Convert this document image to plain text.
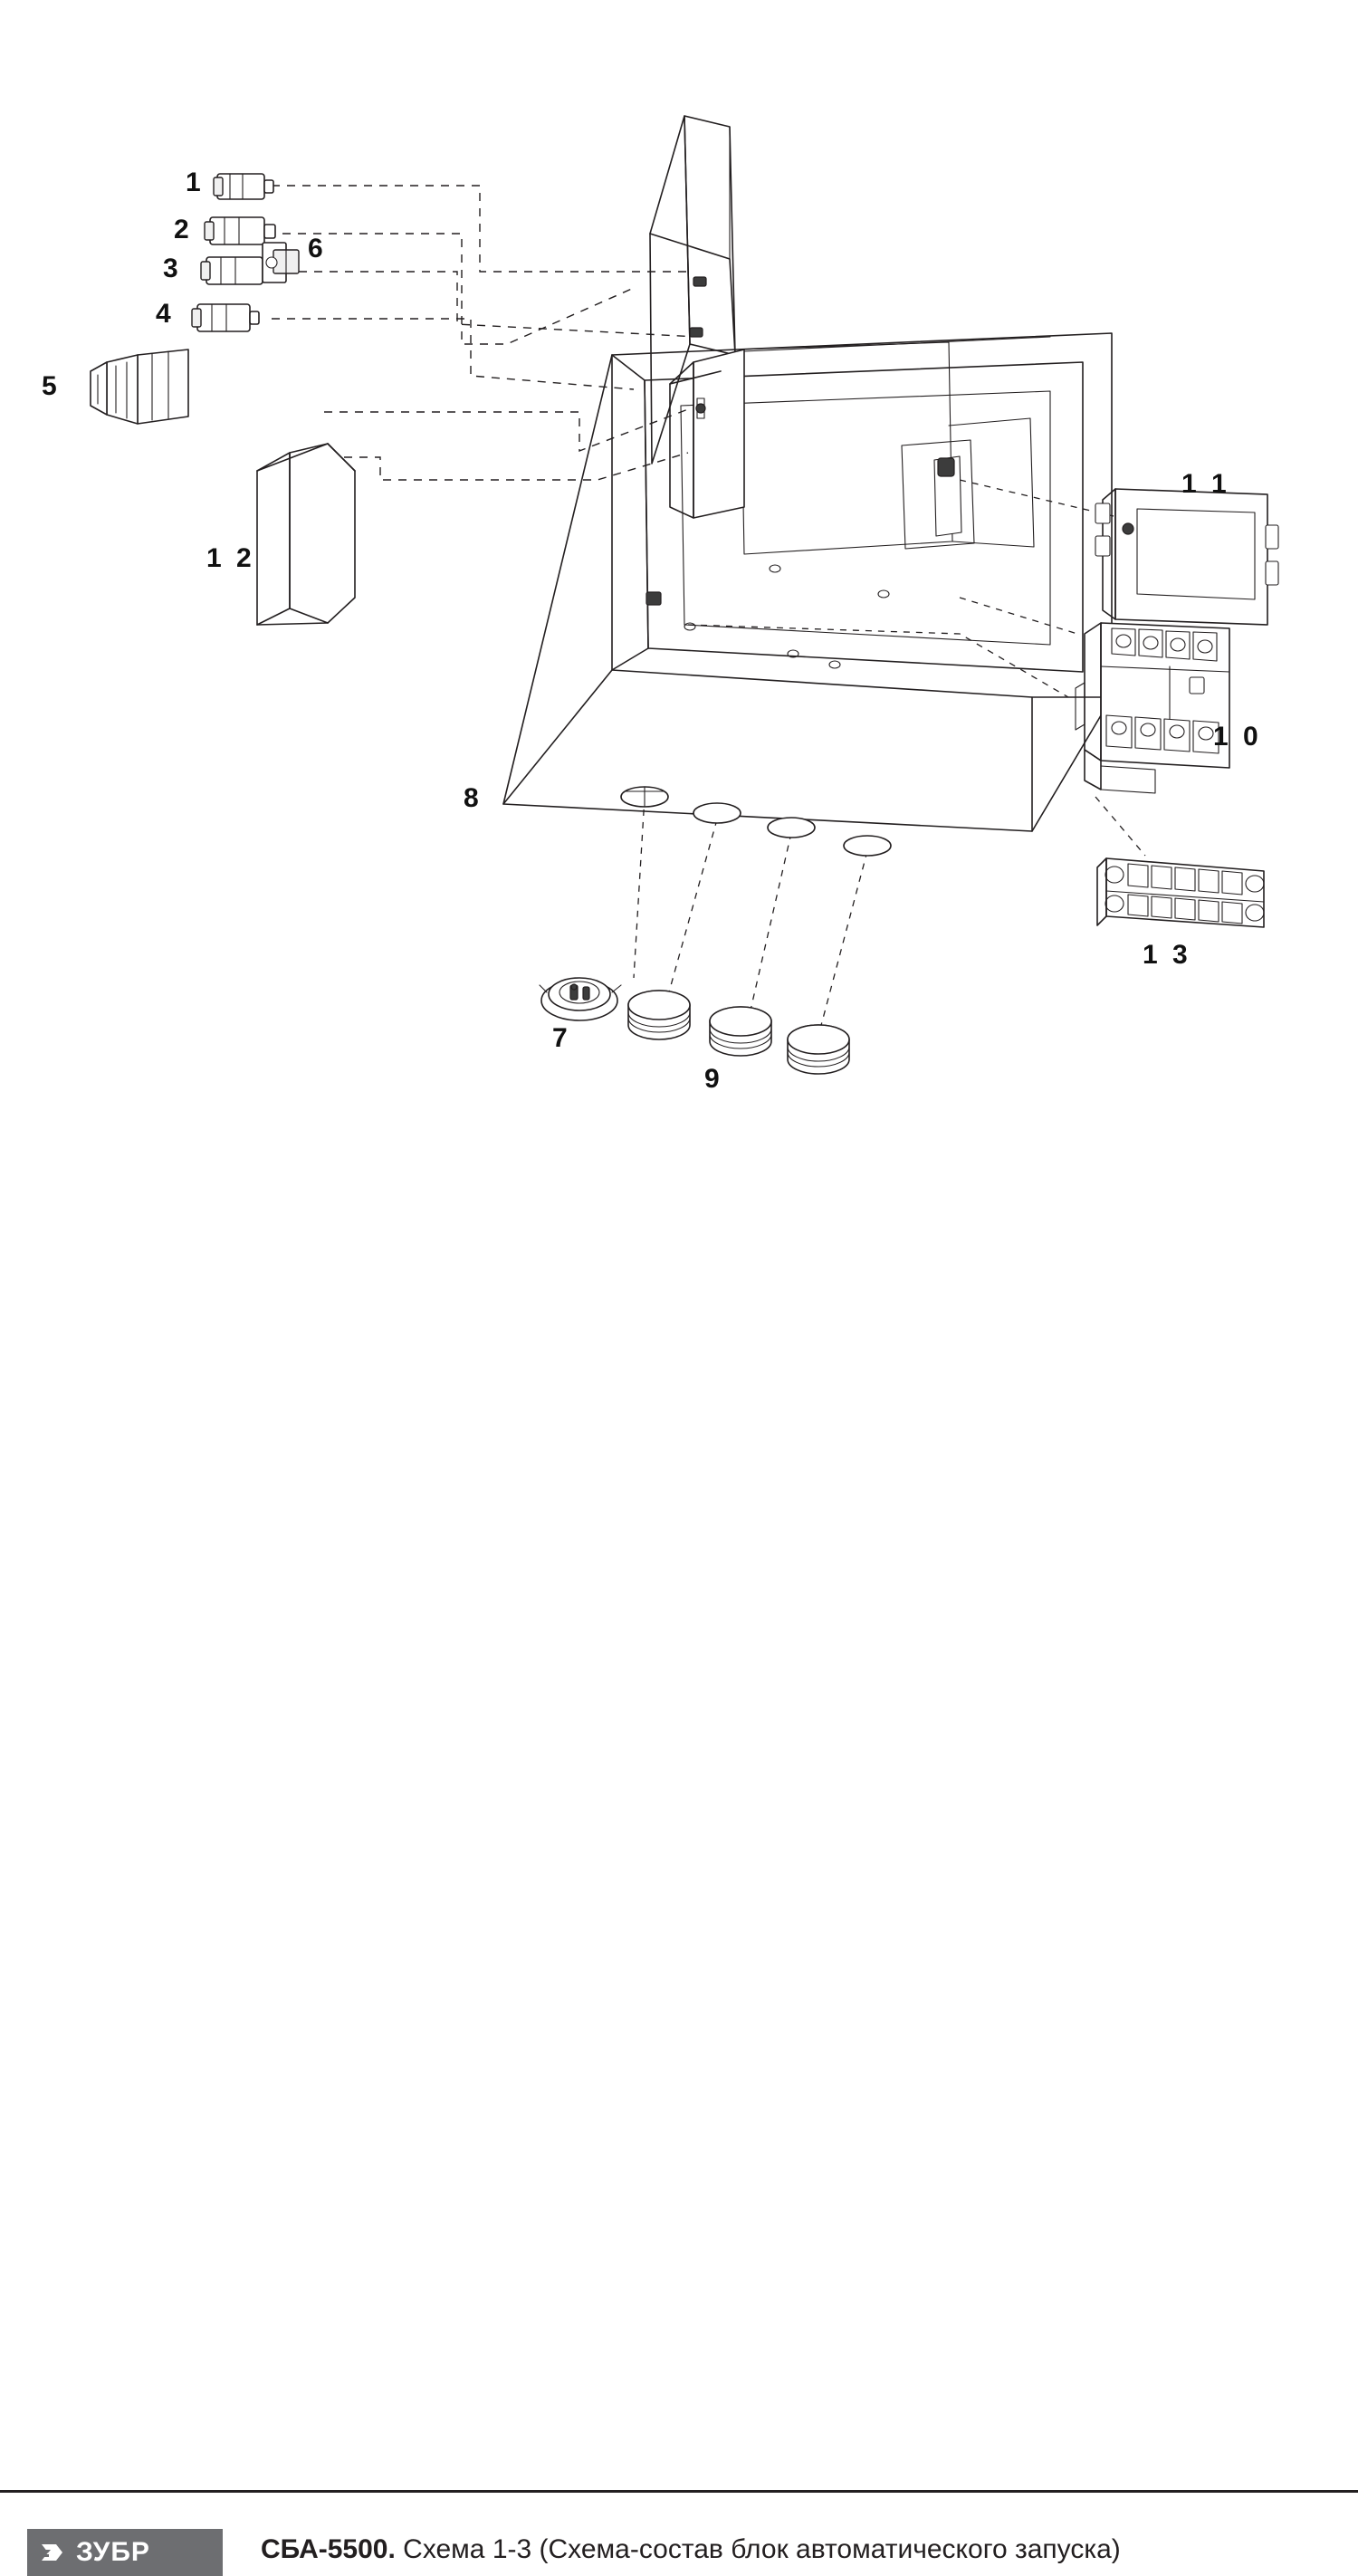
1
2
3
4
5
6
7
8
9
1 0
1 1
1 2
1 3
ЗУБР	СБА-5500. Схема 1-3 (Схема-состав блок автоматического запуска)
